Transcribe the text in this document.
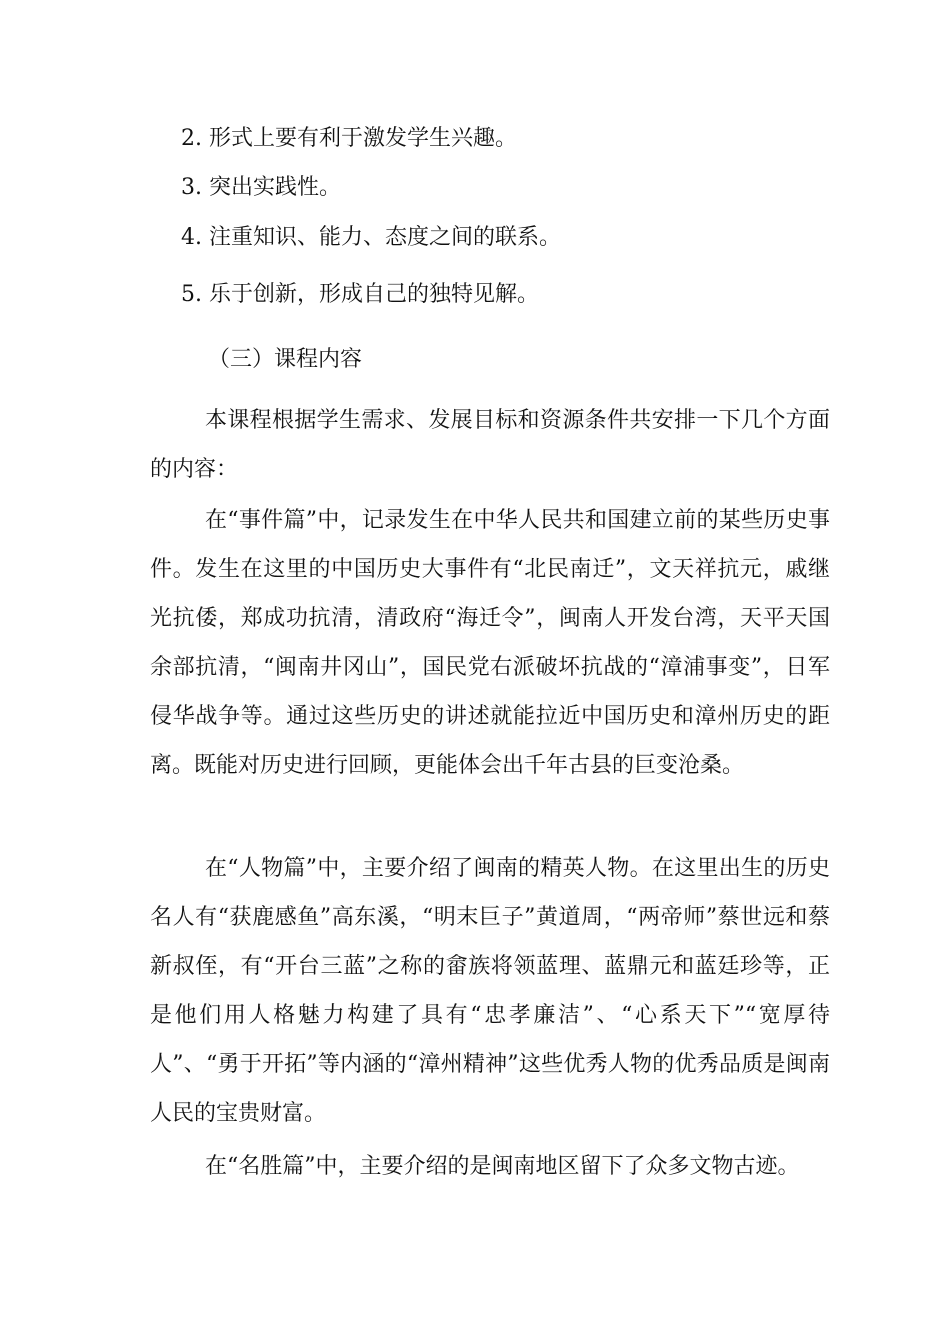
2. 形式上要有利于激发学生兴趣。
3. 突出实践性。
4. 注重知识、能力、态度之间的联系。
5. 乐于创新，形成自己的独特见解。
（三）课程内容
本课程根据学生需求、发展目标和资源条件共安排一下几个方面的内容：
在“事件篇”中，记录发生在中华人民共和国建立前的某些历史事件。发生在这里的中国历史大事件有“北民南迁”，文天祥抗元，戚继光抗倭，郑成功抗清，清政府“海迁令”，闽南人开发台湾，天平天国余部抗清，“闽南井冈山”，国民党右派破坏抗战的“漳浦事变”，日军侵华战争等。通过这些历史的讲述就能拉近中国历史和漳州历史的距离。既能对历史进行回顾，更能体会出千年古县的巨变沧桑。
在“人物篇”中，主要介绍了闽南的精英人物。在这里出生的历史名人有“获鹿感鱼”高东溪，“明末巨子”黄道周，“两帝师”蔡世远和蔡新叔侄，有“开台三蓝”之称的畲族将领蓝理、蓝鼎元和蓝廷珍等，正是他们用人格魅力构建了具有“忠孝廉洁”、“心系天下”“宽厚待人”、“勇于开拓”等内涵的“漳州精神”这些优秀人物的优秀品质是闽南人民的宝贵财富。
在“名胜篇”中，主要介绍的是闽南地区留下了众多文物古迹。
